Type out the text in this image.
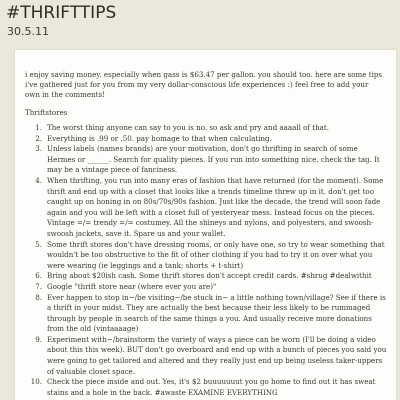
#THRIFTTIPS
30.5.11

i enjoy saving money. especially when gass is $63.47 per gallon. you should too. here are some tips i've gathered just for you from my very dollar-conscious life experiences :) feel free to add your own in the comments!

Thriftstores
1. The worst thing anyone can say to you is no. so ask and pry and aaaall of that.
2. Everything is .99 or .50. pay homage to that when calculating.
3. Unless labels (names brands) are your motivation, don't go thrifting in search of some Hermes or ______. Search for quality pieces. If you run into something nice, check the tag. It may be a vintage piece of fanciness.
4. When thrifting, you run into many eras of fashion that have returned (for the moment). Some thrift and end up with a closet that looks like a trends timeline threw up in it. don't get too caught up on honing in on 80s/70s/90s fashion. Just like the decade, the trend will soon fade again and you will be left with a closet full of yesteryear mess. Instead focus on the pieces. Vintage =/= trendy =/= costumey. All the shineys and nylons, and polyesters, and swoosh-swoosh jackets, save it. Spare us and your wallet.
5. Some thrift stores don't have dressing rooms, or only have one, so try to wear something that wouldn't be too obstructive to the fit of other clothing if you had to try it on over what you were wearing (ie leggings and a tank; shorts + t-shirt)
6. Bring about $20ish cash. Some thrift stores don't accept credit cards. #shrug #dealwithit
7. Google "thrift store near (where ever you are)"
8. Ever happen to stop in~/be visiting~/be stuck in~ a little nothing town/village? See if there is a thrift in your midst. They are actually the best because their less likely to be rummaged through by people in search of the same things a you. And usually receive more donations from the old (vintaaaage)
9. Experiment with~/brainstorm the variety of ways a piece can be worn (I'll be doing a video about this this week). BUT don't go overboard and end up with a bunch of pieces you said you were going to get tailored and altered and they really just end up being useless taker-uppers of valuable closet space.
10. Check the piece inside and out. Yes, it's $2 buuuuuuut you go home to find out it has sweat stains and a hole in the back. #awaste EXAMINE EVERYTHING
